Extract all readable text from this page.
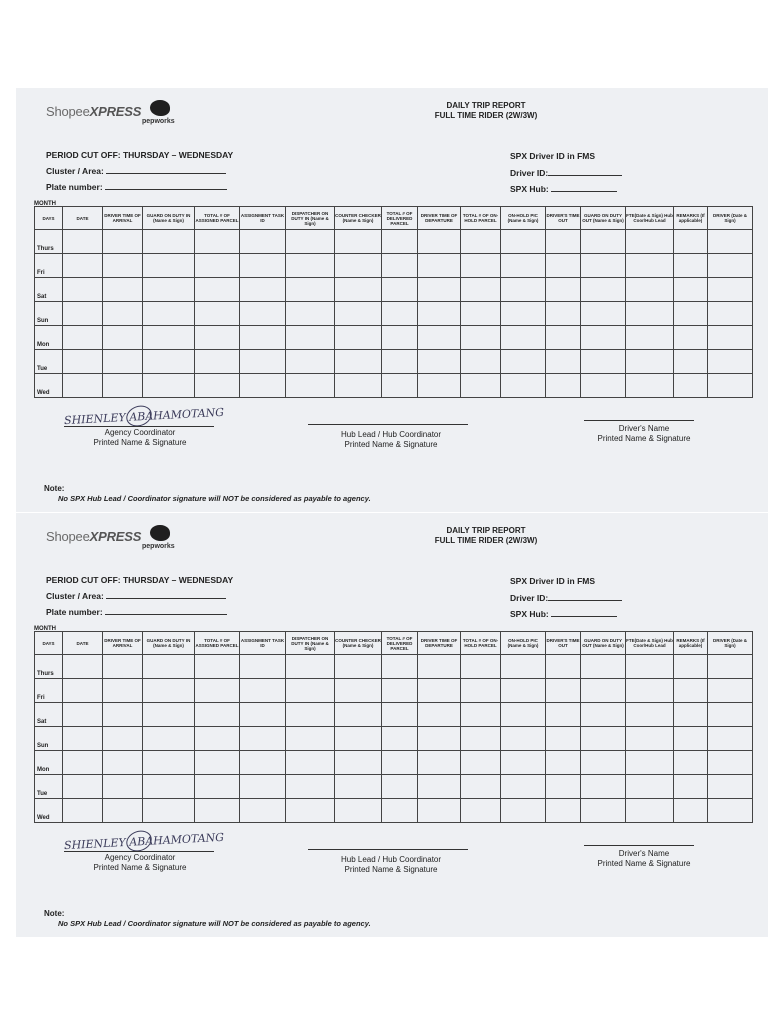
ShopeeXPRESS
pepworks
DAILY TRIP REPORT
FULL TIME RIDER (2W/3W)
PERIOD CUT OFF: THURSDAY – WEDNESDAY
Cluster / Area:
Plate number:
SPX Driver ID in FMS
Driver ID:
SPX Hub:
MONTH
DAYS	DATE	DRIVER TIME OF ARRIVAL	GUARD ON DUTY IN (Name & Sign)	TOTAL # OF ASSIGNED PARCEL	ASSIGNMENT TASK ID	DISPATCHER ON DUTY IN (Name & Sign)	COUNTER CHECKER (Name & Sign)	TOTAL # OF DELIVERED PARCEL	DRIVER TIME OF DEPARTURE	TOTAL # OF ON-HOLD PARCEL	ON-HOLD PIC (Name & Sign)	DRIVER'S TIME OUT	GUARD ON DUTY OUT (Name & Sign)	FTE(Date & Sign) Hub Coor/Hub Lead	REMARKS (If applicable)	DRIVER (Date & Sign)
Thurs																
Fri																
Sat																
Sun																
Mon																
Tue																
Wed																
SHIENLEY ABAHAMOTANG
Agency Coordinator
Printed Name & Signature
Hub Lead / Hub Coordinator
Printed Name & Signature
Driver's Name
Printed Name & Signature
Note:
No SPX Hub Lead / Coordinator signature will NOT be considered as payable to agency.
ShopeeXPRESS
pepworks
DAILY TRIP REPORT
FULL TIME RIDER (2W/3W)
PERIOD CUT OFF: THURSDAY – WEDNESDAY
Cluster / Area:
Plate number:
SPX Driver ID in FMS
Driver ID:
SPX Hub:
MONTH
DAYS	DATE	DRIVER TIME OF ARRIVAL	GUARD ON DUTY IN (Name & Sign)	TOTAL # OF ASSIGNED PARCEL	ASSIGNMENT TASK ID	DISPATCHER ON DUTY IN (Name & Sign)	COUNTER CHECKER (Name & Sign)	TOTAL # OF DELIVERED PARCEL	DRIVER TIME OF DEPARTURE	TOTAL # OF ON-HOLD PARCEL	ON-HOLD PIC (Name & Sign)	DRIVER'S TIME OUT	GUARD ON DUTY OUT (Name & Sign)	FTE(Date & Sign) Hub Coor/Hub Lead	REMARKS (If applicable)	DRIVER (Date & Sign)
Thurs																
Fri																
Sat																
Sun																
Mon																
Tue																
Wed																
SHIENLEY ABAHAMOTANG
Agency Coordinator
Printed Name & Signature
Hub Lead / Hub Coordinator
Printed Name & Signature
Driver's Name
Printed Name & Signature
Note:
No SPX Hub Lead / Coordinator signature will NOT be considered as payable to agency.
